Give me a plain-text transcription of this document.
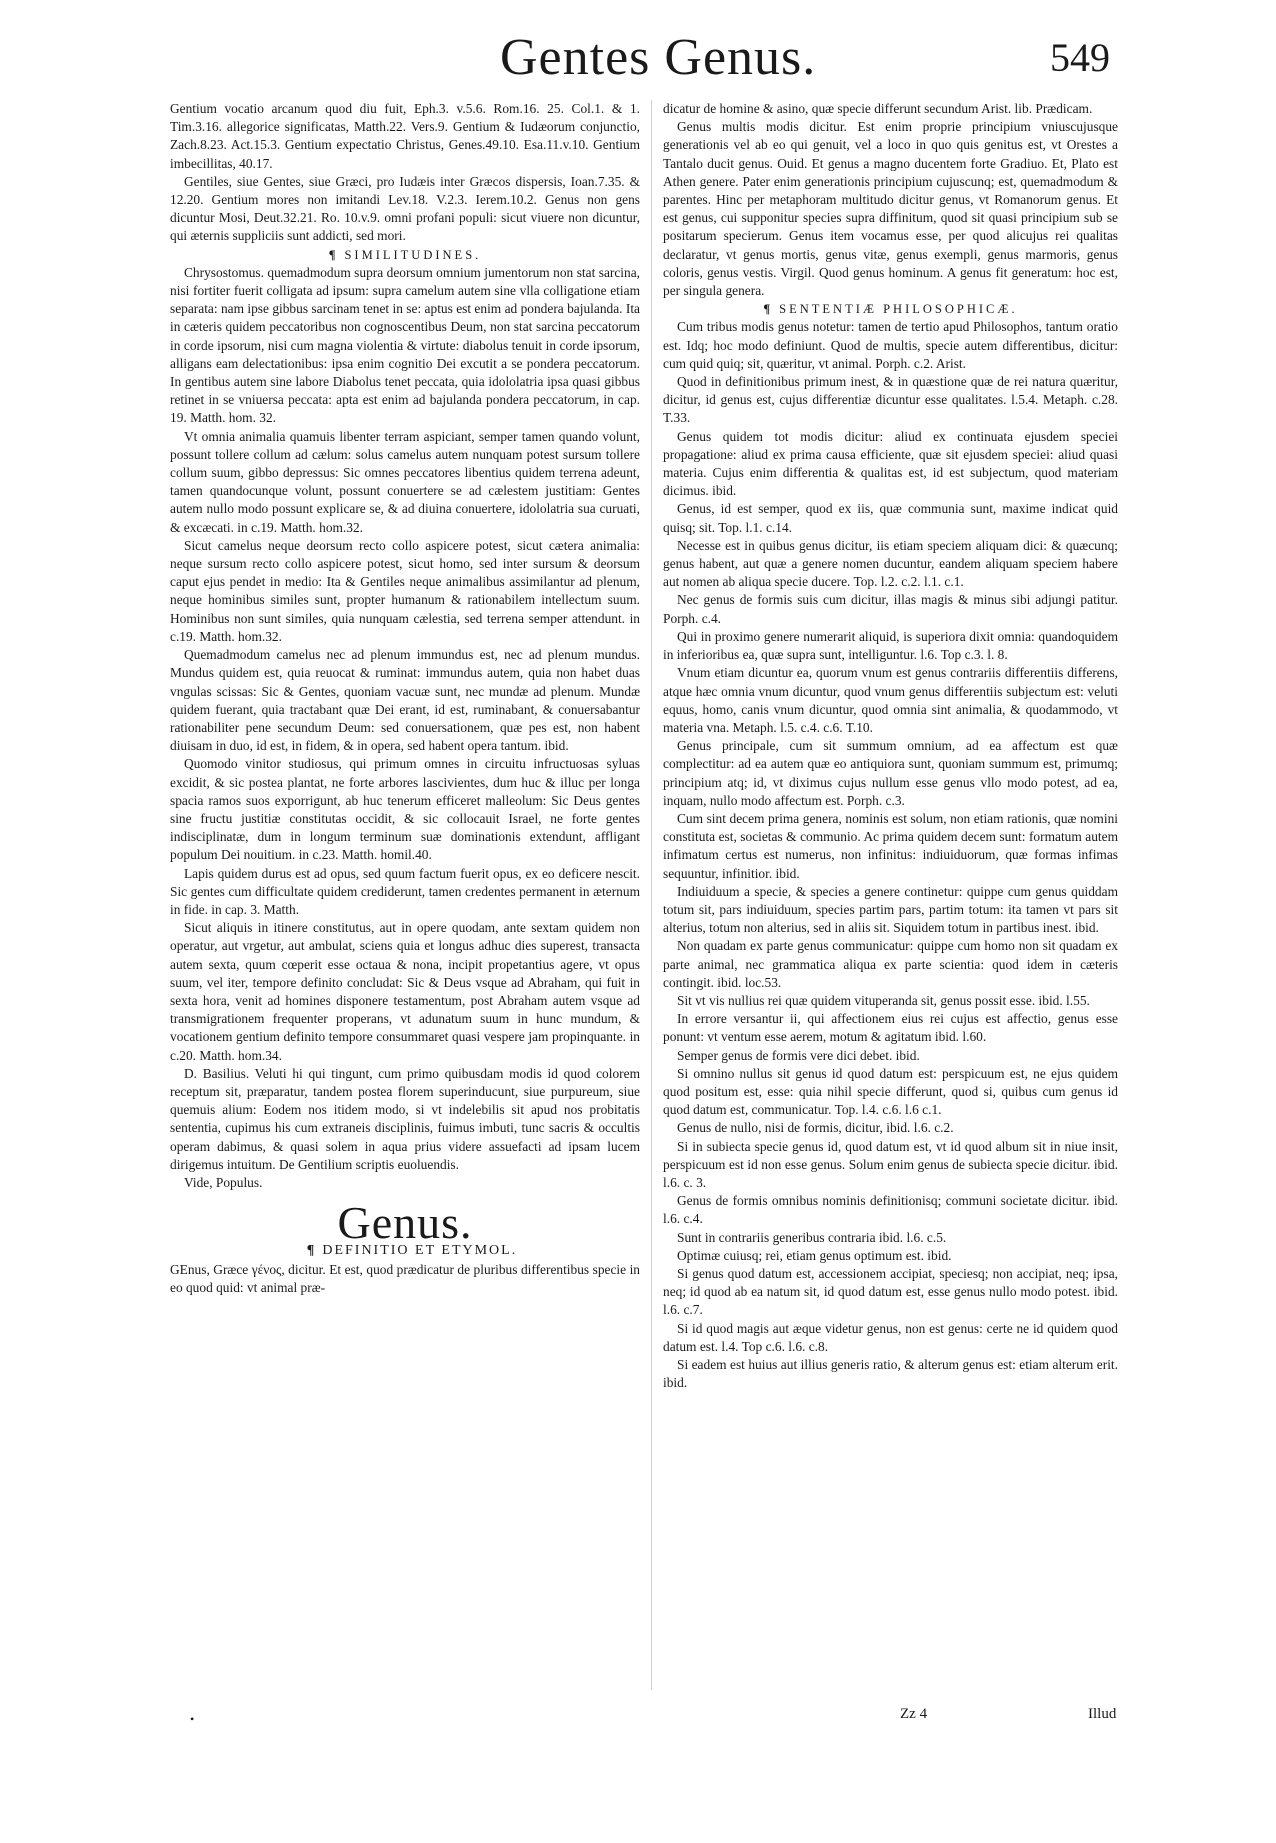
Gentes Genus.	549

Gentium vocatio arcanum quod diu fuit, Eph.3. v.5.6. Rom.16. 25. Col.1. & 1. Tim.3.16. allegorice significatas, Matth.22. Vers.9. Gentium & Iudæorum conjunctio, Zach.8.23. Act.15.3. Gentium expectatio Christus, Genes.49.10. Esa.11.v.10. Gentium imbecillitas, 40.17.

Gentiles, siue Gentes, siue Græci, pro Iudæis inter Græcos dispersis, Ioan.7.35. & 12.20. Gentium mores non imitandi Lev.18. V.2.3. Ierem.10.2. Genus non gens dicuntur Mosi, Deut.32.21. Ro. 10.v.9. omni profani populi: sicut viuere non dicuntur, qui æternis suppliciis sunt addicti, sed mori.

¶ SIMILITUDINES.

Chrysostomus. quemadmodum supra deorsum omnium jumentorum non stat sarcina, nisi fortiter fuerit colligata ad ipsum: supra camelum autem sine vlla colligatione etiam separata: nam ipse gibbus sarcinam tenet in se: aptus est enim ad pondera bajulanda. Ita in cæteris quidem peccatoribus non cognoscentibus Deum, non stat sarcina peccatorum in corde ipsorum, nisi cum magna violentia & virtute: diabolus tenuit in corde ipsorum, alligans eam delectationibus: ipsa enim cognitio Dei excutit a se pondera peccatorum. In gentibus autem sine labore Diabolus tenet peccata, quia idololatria ipsa quasi gibbus retinet in se vniuersa peccata: apta est enim ad bajulanda pondera peccatorum, in cap. 19. Matth. hom. 32.

Vt omnia animalia quamuis libenter terram aspiciant, semper tamen quando volunt, possunt tollere collum ad cælum: solus camelus autem nunquam potest sursum tollere collum suum, gibbo depressus: Sic omnes peccatores libentius quidem terrena adeunt, tamen quandocunque volunt, possunt conuertere se ad cælestem justitiam: Gentes autem nullo modo possunt explicare se, & ad diuina conuertere, idololatria sua curuati, & excæcati. in c.19. Matth. hom.32.

Sicut camelus neque deorsum recto collo aspicere potest, sicut cætera animalia: neque sursum recto collo aspicere potest, sicut homo, sed inter sursum & deorsum caput ejus pendet in medio: Ita & Gentiles neque animalibus assimilantur ad plenum, neque hominibus similes sunt, propter humanum & rationabilem intellectum suum. Hominibus non sunt similes, quia nunquam cælestia, sed terrena semper attendunt. in c.19. Matth. hom.32.

Quemadmodum camelus nec ad plenum immundus est, nec ad plenum mundus. Mundus quidem est, quia reuocat & ruminat: immundus autem, quia non habet duas vngulas scissas: Sic & Gentes, quoniam vacuæ sunt, nec mundæ ad plenum. Mundæ quidem fuerant, quia tractabant quæ Dei erant, id est, ruminabant, & conuersabantur rationabiliter pene secundum Deum: sed conuersationem, quæ pes est, non habent diuisam in duo, id est, in fidem, & in opera, sed habent opera tantum. ibid.

Quomodo vinitor studiosus, qui primum omnes in circuitu infructuosas syluas excidit, & sic postea plantat, ne forte arbores lascivientes, dum huc & illuc per longa spacia ramos suos exporrigunt, ab huc tenerum efficeret malleolum: Sic Deus gentes sine fructu justitiæ constitutas occidit, & sic collocauit Israel, ne forte gentes indisciplinatæ, dum in longum terminum suæ dominationis extendunt, affligant populum Dei nouitium. in c.23. Matth. homil.40.

Lapis quidem durus est ad opus, sed quum factum fuerit opus, ex eo deficere nescit. Sic gentes cum difficultate quidem crediderunt, tamen credentes permanent in æternum in fide. in cap. 3. Matth.

Sicut aliquis in itinere constitutus, aut in opere quodam, ante sextam quidem non operatur, aut vrgetur, aut ambulat, sciens quia et longus adhuc dies superest, transacta autem sexta, quum cœperit esse octaua & nona, incipit propetantius agere, vt opus suum, vel iter, tempore definito concludat: Sic & Deus vsque ad Abraham, qui fuit in sexta hora, venit ad homines disponere testamentum, post Abraham autem vsque ad transmigrationem frequenter properans, vt adunatum suum in hunc mundum, & vocationem gentium definito tempore consummaret quasi vespere jam propinquante. in c.20. Matth. hom.34.

D. Basilius. Veluti hi qui tingunt, cum primo quibusdam modis id quod colorem receptum sit, præparatur, tandem postea florem superinducunt, siue purpureum, siue quemuis alium: Eodem nos itidem modo, si vt indelebilis sit apud nos probitatis sententia, cupimus his cum extraneis disciplinis, fuimus imbuti, tunc sacris & occultis operam dabimus, & quasi solem in aqua prius videre assuefacti ad ipsam lucem dirigemus intuitum. De Gentilium scriptis euoluendis.

Vide, Populus.

Genus.

¶ DEFINITIO ET ETYMOL.

GEnus, Græce γένος, dicitur. Et est, quod prædicatur de pluribus differentibus specie in eo quod quid: vt animal præ-

dicatur de homine & asino, quæ specie differunt secundum Arist. lib. Prædicam.

Genus multis modis dicitur. Est enim proprie principium vniuscujusque generationis vel ab eo qui genuit, vel a loco in quo quis genitus est, vt Orestes a Tantalo ducit genus. Ouid. Et genus a magno ducentem forte Gradiuo. Et, Plato est Athen genere. Pater enim generationis principium cujuscunq; est, quemadmodum & parentes. Hinc per metaphoram multitudo dicitur genus, vt Romanorum genus. Et est genus, cui supponitur species supra diffinitum, quod sit quasi principium sub se positarum specierum. Genus item vocamus esse, per quod alicujus rei qualitas declaratur, vt genus mortis, genus vitæ, genus exempli, genus marmoris, genus coloris, genus vestis. Virgil. Quod genus hominum. A genus fit generatum: hoc est, per singula genera.

¶ SENTENTIÆ PHILOSOPHICÆ.

Cum tribus modis genus notetur: tamen de tertio apud Philosophos, tantum oratio est. Idq; hoc modo definiunt. Quod de multis, specie autem differentibus, dicitur: cum quid quiq; sit, quæritur, vt animal. Porph. c.2. Arist.

Quod in definitionibus primum inest, & in quæstione quæ de rei natura quæritur, dicitur, id genus est, cujus differentiæ dicuntur esse qualitates. l.5.4. Metaph. c.28. T.33.

Genus quidem tot modis dicitur: aliud ex continuata ejusdem speciei propagatione: aliud ex prima causa efficiente, quæ sit ejusdem speciei: aliud quasi materia. Cujus enim differentia & qualitas est, id est subjectum, quod materiam dicimus. ibid.

Genus, id est semper, quod ex iis, quæ communia sunt, maxime indicat quid quisq; sit. Top. l.1. c.14.

Necesse est in quibus genus dicitur, iis etiam speciem aliquam dici: & quæcunq; genus habent, aut quæ a genere nomen ducuntur, eandem aliquam speciem habere aut nomen ab aliqua specie ducere. Top. l.2. c.2. l.1. c.1.

Nec genus de formis suis cum dicitur, illas magis & minus sibi adjungi patitur. Porph. c.4.

Qui in proximo genere numerarit aliquid, is superiora dixit omnia: quandoquidem in inferioribus ea, quæ supra sunt, intelliguntur. l.6. Top c.3. l. 8.

Vnum etiam dicuntur ea, quorum vnum est genus contrariis differentiis differens, atque hæc omnia vnum dicuntur, quod vnum genus differentiis subjectum est: veluti equus, homo, canis vnum dicuntur, quod omnia sint animalia, & quodammodo, vt materia vna. Metaph. l.5. c.4. c.6. T.10.

Genus principale, cum sit summum omnium, ad ea affectum est quæ complectitur: ad ea autem quæ eo antiquiora sunt, quoniam summum est, primumq; principium atq; id, vt diximus cujus nullum esse genus vllo modo potest, ad ea, inquam, nullo modo affectum est. Porph. c.3.

Cum sint decem prima genera, nominis est solum, non etiam rationis, quæ nomini constituta est, societas & communio. Ac prima quidem decem sunt: formatum autem infimatum certus est numerus, non infinitus: indiuiduorum, quæ formas infimas sequuntur, infinitior. ibid.

Indiuiduum a specie, & species a genere continetur: quippe cum genus quiddam totum sit, pars indiuiduum, species partim pars, partim totum: ita tamen vt pars sit alterius, totum non alterius, sed in aliis sit. Siquidem totum in partibus inest. ibid.

Non quadam ex parte genus communicatur: quippe cum homo non sit quadam ex parte animal, nec grammatica aliqua ex parte scientia: quod idem in cæteris contingit. ibid. loc.53.

Sit vt vis nullius rei quæ quidem vituperanda sit, genus possit esse. ibid. l.55.

In errore versantur ii, qui affectionem eius rei cujus est affectio, genus esse ponunt: vt ventum esse aerem, motum & agitatum ibid. l.60.

Semper genus de formis vere dici debet. ibid.

Si omnino nullus sit genus id quod datum est: perspicuum est, ne ejus quidem quod positum est, esse: quia nihil specie differunt, quod si, quibus cum genus id quod datum est, communicatur. Top. l.4. c.6. l.6 c.1.

Genus de nullo, nisi de formis, dicitur, ibid. l.6. c.2.

Si in subiecta specie genus id, quod datum est, vt id quod album sit in niue insit, perspicuum est id non esse genus. Solum enim genus de subiecta specie dicitur. ibid. l.6. c. 3.

Genus de formis omnibus nominis definitionisq; communi societate dicitur. ibid. l.6. c.4.

Sunt in contrariis generibus contraria ibid. l.6. c.5.

Optimæ cuiusq; rei, etiam genus optimum est. ibid.

Si genus quod datum est, accessionem accipiat, speciesq; non accipiat, neq; ipsa, neq; id quod ab ea natum sit, id quod datum est, esse genus nullo modo potest. ibid. l.6. c.7.

Si id quod magis aut æque videtur genus, non est genus: certe ne id quidem quod datum est. l.4. Top c.6. l.6. c.8.

Si eadem est huius aut illius generis ratio, & alterum genus est: etiam alterum erit. ibid.

•	Zz 4	Illud
